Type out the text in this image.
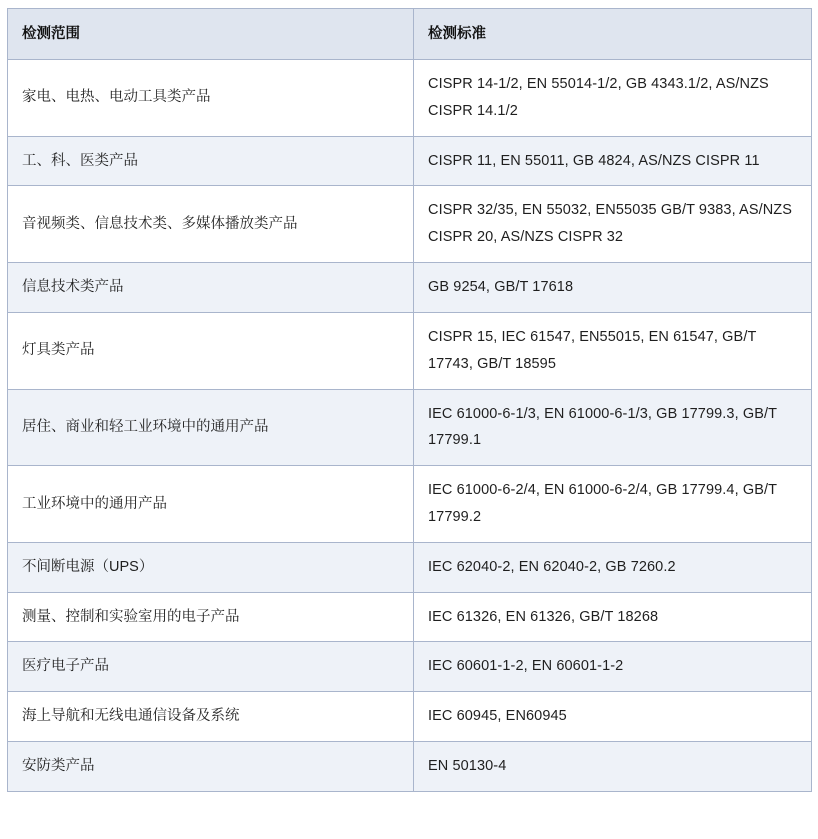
检测范围	检测标准
家电、电热、电动工具类产品	CISPR 14-1/2, EN 55014-1/2, GB 4343.1/2, AS/NZS CISPR 14.1/2
工、科、医类产品	CISPR 11, EN 55011, GB 4824, AS/NZS CISPR 11
音视频类、信息技术类、多媒体播放类产品	CISPR 32/35, EN 55032, EN55035 GB/T 9383, AS/NZS CISPR 20, AS/NZS CISPR 32
信息技术类产品	GB 9254, GB/T 17618
灯具类产品	CISPR 15, IEC 61547, EN55015, EN 61547, GB/T 17743, GB/T 18595
居住、商业和轻工业环境中的通用产品	IEC 61000-6-1/3, EN 61000-6-1/3, GB 17799.3, GB/T 17799.1
工业环境中的通用产品	IEC 61000-6-2/4, EN 61000-6-2/4, GB 17799.4, GB/T 17799.2
不间断电源（UPS）	IEC 62040-2, EN 62040-2, GB 7260.2
测量、控制和实验室用的电子产品	IEC 61326, EN 61326, GB/T 18268
医疗电子产品	IEC 60601-1-2, EN 60601-1-2
海上导航和无线电通信设备及系统	IEC 60945, EN60945
安防类产品	EN 50130-4
